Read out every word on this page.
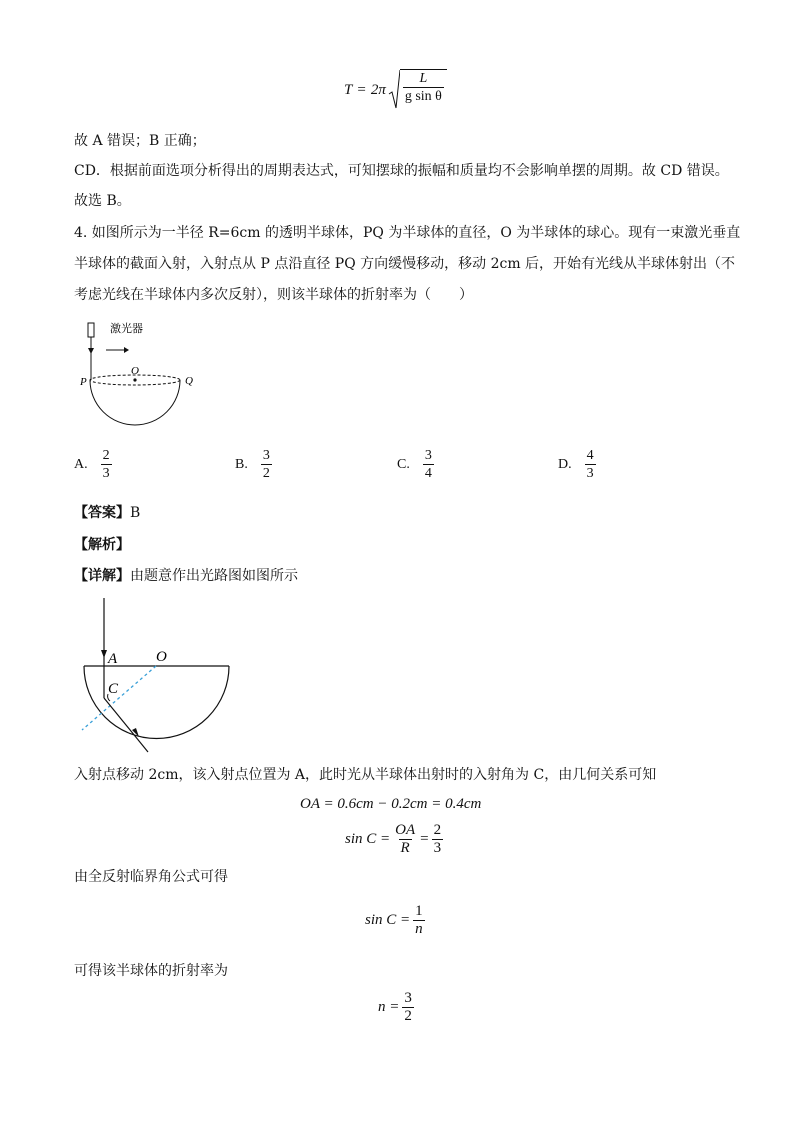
$T = 2\pi \frac{L}{\text{g sin θ}}$
故 A 错误；B 正确；
CD．根据前面选项分析得出的周期表达式，可知摆球的振幅和质量均不会影响单摆的周期。故 CD 错误。
故选 B。
4. 如图所示为一半径 R=6cm 的透明半球体，PQ 为半球体的直径，O 为半球体的球心。现有一束激光垂直
半球体的截面入射，入射点从 P 点沿直径 PQ 方向缓慢移动，移动 2cm 后，开始有光线从半球体射出（不
考虑光线在半球体内多次反射），则该半球体的折射率为（　　）
激光器
O
P	Q
A. $\frac{2}{3}$	B. $\frac{3}{2}$	C. $\frac{3}{4}$	D. $\frac{4}{3}$
【答案】B
【解析】
【详解】由题意作出光路图如图所示
A	O
C
入射点移动 2cm，该入射点位置为 A，此时光从半球体出射时的入射角为 C，由几何关系可知
OA = 0.6cm − 0.2cm = 0.4cm
$\sin C = \frac{OA}{R} = \frac{2}{3}$
由全反射临界角公式可得
$\sin C = \frac{1}{n}$
可得该半球体的折射率为
$n = \frac{3}{2}$
